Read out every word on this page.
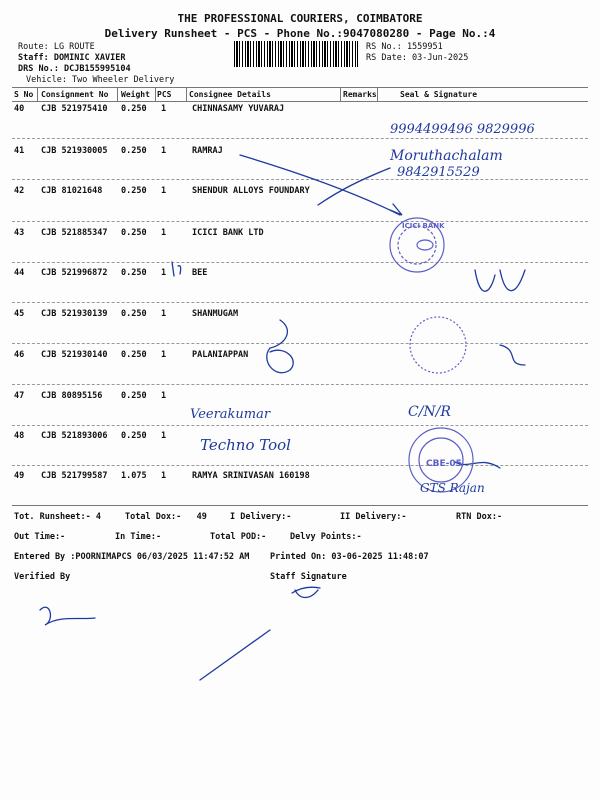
THE PROFESSIONAL COURIERS, COIMBATORE
Delivery Runsheet - PCS - Phone No.:9047080280 - Page No.:4
Route: LG ROUTE
Staff: DOMINIC XAVIER
DRS No.: DCJB155995104
Vehicle: Two Wheeler Delivery
RS No.: 1559951
RS Date: 03-Jun-2025
S No Consignment No Weight PCS Consignee Details	Remarks	Seal & Signature
40 CJB 521975410 0.250 1	CHINNASAMY YUVARAJ
41 CJB 521930005 0.250 1	RAMRAJ
42 CJB 81021648 0.250 1	SHENDUR ALLOYS FOUNDARY
43 CJB 521885347 0.250 1	ICICI BANK LTD
44 CJB 521996872 0.250 1	BEE
45 CJB 521930139 0.250 1	SHANMUGAM
46 CJB 521930140 0.250 1	PALANIAPPAN
47 CJB 80895156 0.250 1
48 CJB 521893006 0.250 1
49 CJB 521799587 1.075 1	RAMYA SRINIVASAN 160198
Tot. Runsheet:- 4	Total Dox:-   49	I Delivery:-	II Delivery:-	RTN Dox:-
Out Time:-	In Time:-	Total POD:-	Delvy Points:-
Entered By :POORNIMAPCS 06/03/2025 11:47:52 AM Printed On: 03-06-2025 11:48:07
Verified By	Staff Signature
9994499496 9829996
Moruthachalam
9842915529
Veerakumar
Techno Tool
C/N/R
GTS Rajan
ICICI BANK
CBE-05
